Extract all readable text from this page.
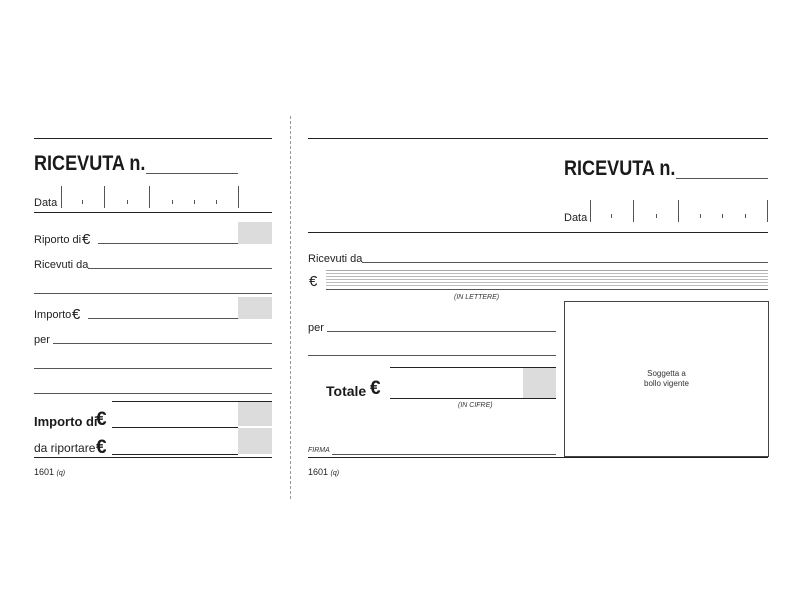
RICEVUTA n.
Data
Riporto di €
Ricevuti da
Importo €
per
Importo di
€
da riportare €
1601 (q)
RICEVUTA n.
Data
Ricevuti da
€
(IN LETTERE)
Soggetta a
bollo vigente
per
Totale €
(IN CIFRE)
FIRMA
1601 (q)
